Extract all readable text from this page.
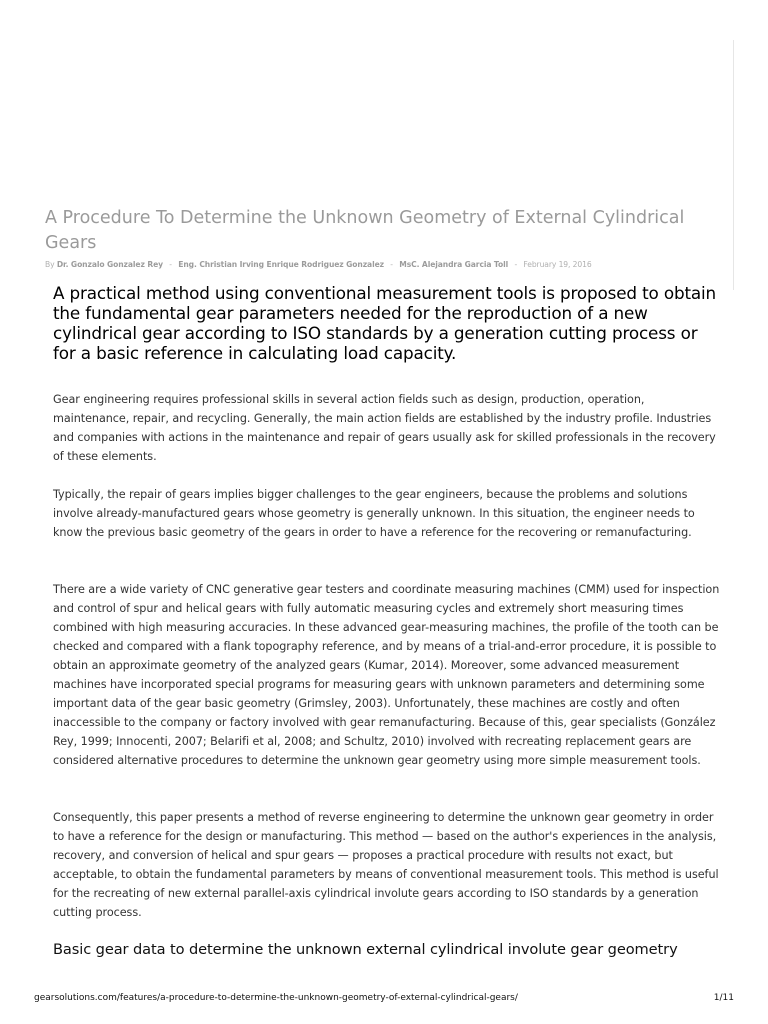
A Procedure To Determine the Unknown Geometry of External Cylindrical Gears
By Dr. Gonzalo Gonzalez Rey - Eng. Christian Irving Enrique Rodriguez Gonzalez - MsC. Alejandra Garcia Toll - February 19, 2016

A practical method using conventional measurement tools is proposed to obtain the fundamental gear parameters needed for the reproduction of a new cylindrical gear according to ISO standards by a generation cutting process or for a basic reference in calculating load capacity.

Gear engineering requires professional skills in several action fields such as design, production, operation, maintenance, repair, and recycling. Generally, the main action fields are established by the industry profile. Industries and companies with actions in the maintenance and repair of gears usually ask for skilled professionals in the recovery of these elements.

Typically, the repair of gears implies bigger challenges to the gear engineers, because the problems and solutions involve already-manufactured gears whose geometry is generally unknown. In this situation, the engineer needs to know the previous basic geometry of the gears in order to have a reference for the recovering or remanufacturing.

There are a wide variety of CNC generative gear testers and coordinate measuring machines (CMM) used for inspection and control of spur and helical gears with fully automatic measuring cycles and extremely short measuring times combined with high measuring accuracies. In these advanced gear-measuring machines, the profile of the tooth can be checked and compared with a flank topography reference, and by means of a trial-and-error procedure, it is possible to obtain an approximate geometry of the analyzed gears (Kumar, 2014). Moreover, some advanced measurement machines have incorporated special programs for measuring gears with unknown parameters and determining some important data of the gear basic geometry (Grimsley, 2003). Unfortunately, these machines are costly and often inaccessible to the company or factory involved with gear remanufacturing. Because of this, gear specialists (González Rey, 1999; Innocenti, 2007; Belarifi et al, 2008; and Schultz, 2010) involved with recreating replacement gears are considered alternative procedures to determine the unknown gear geometry using more simple measurement tools.

Consequently, this paper presents a method of reverse engineering to determine the unknown gear geometry in order to have a reference for the design or manufacturing. This method — based on the author's experiences in the analysis, recovery, and conversion of helical and spur gears — proposes a practical procedure with results not exact, but acceptable, to obtain the fundamental parameters by means of conventional measurement tools. This method is useful for the recreating of new external parallel-axis cylindrical involute gears according to ISO standards by a generation cutting process.

Basic gear data to determine the unknown external cylindrical involute gear geometry
gearsolutions.com/features/a-procedure-to-determine-the-unknown-geometry-of-external-cylindrical-gears/	1/11
